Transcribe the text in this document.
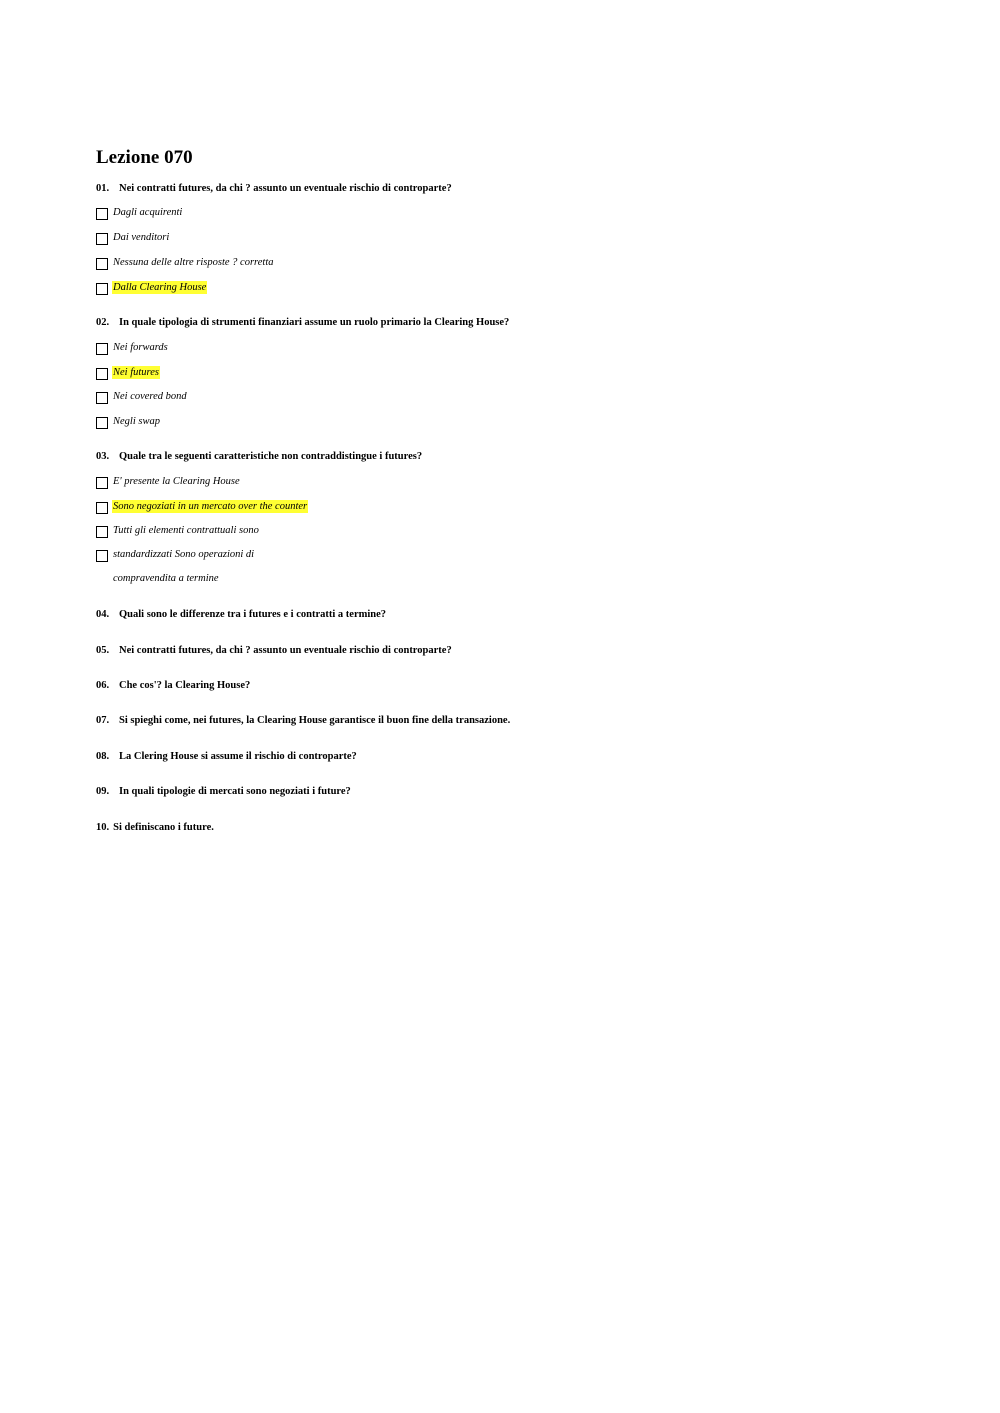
Lezione 070
01. Nei contratti futures, da chi ? assunto un eventuale rischio di controparte?
Dagli acquirenti
Dai venditori
Nessuna delle altre risposte ? corretta
Dalla Clearing House
02. In quale tipologia di strumenti finanziari assume un ruolo primario la Clearing House?
Nei forwards
Nei futures
Nei covered bond
Negli swap
03. Quale tra le seguenti caratteristiche non contraddistingue i futures?
E' presente la Clearing House
Sono negoziati in un mercato over the counter
Tutti gli elementi contrattuali sono
standardizzati Sono operazioni di
compravendita a termine
04. Quali sono le differenze tra i futures e i contratti a termine?
05. Nei contratti futures, da chi ? assunto un eventuale rischio di controparte?
06. Che cos'? la Clearing House?
07. Si spieghi come, nei futures, la Clearing House garantisce il buon fine della transazione.
08. La Clering House si assume il rischio di controparte?
09. In quali tipologie di mercati sono negoziati i future?
10. Si definiscano i future.
